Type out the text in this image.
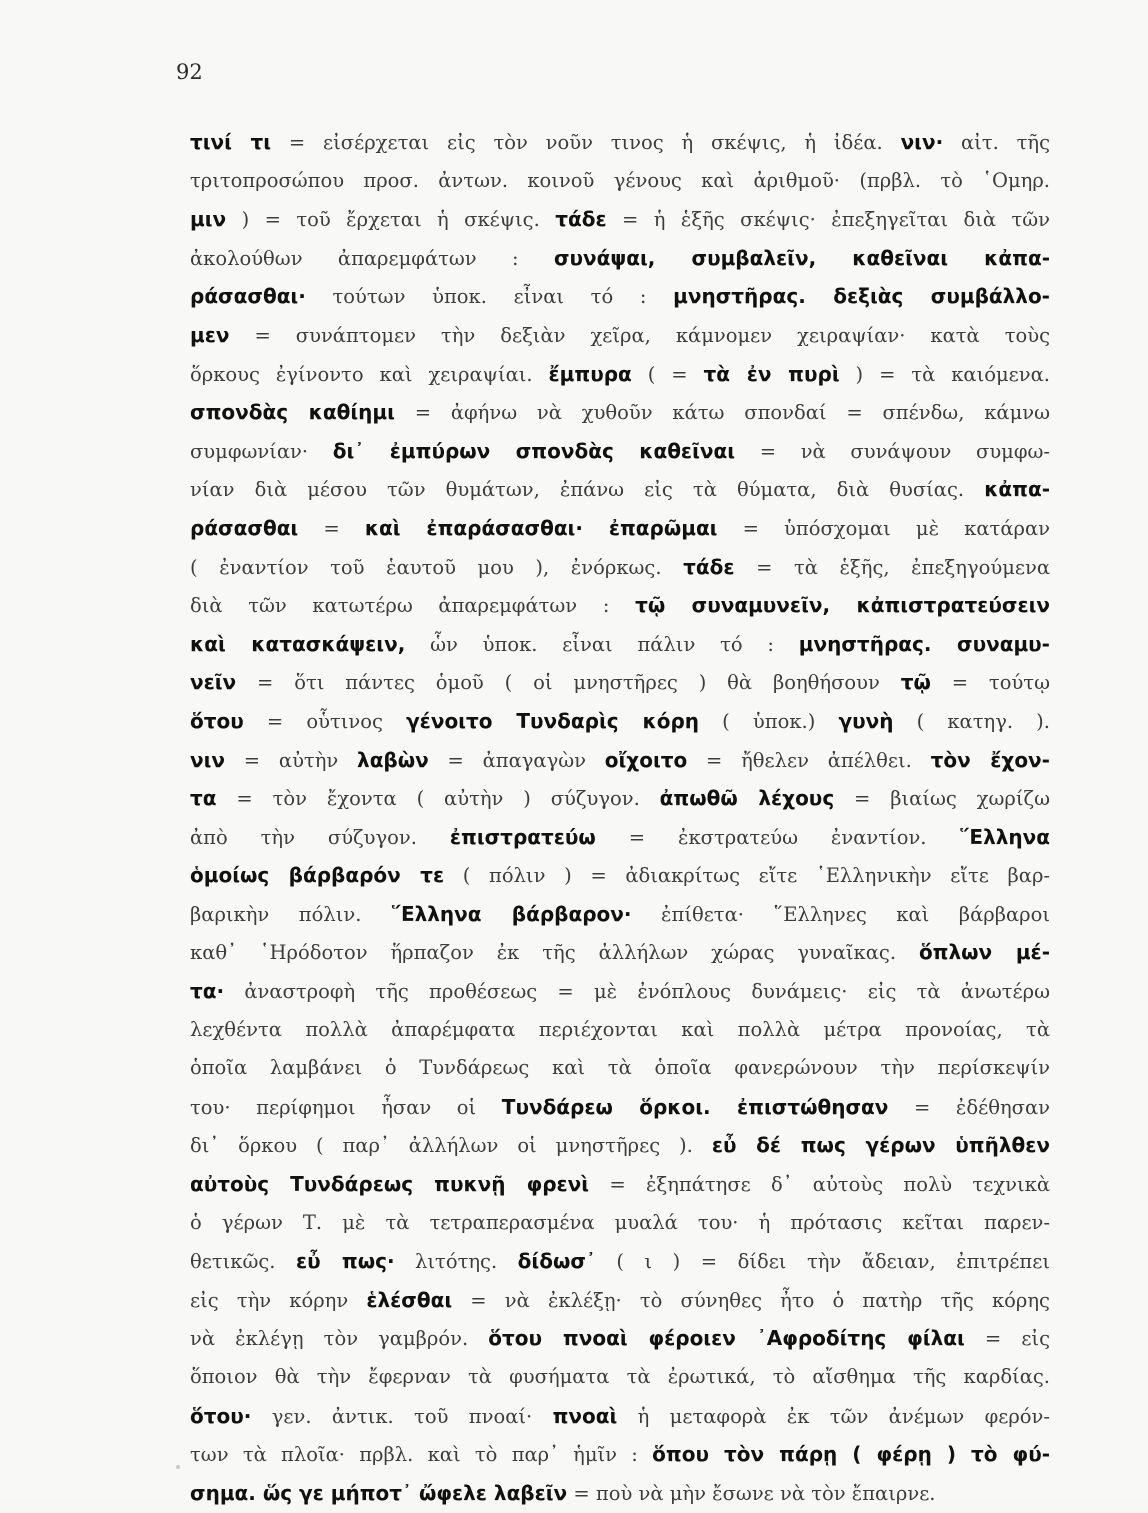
92
τινί τι = εἰσέρχεται εἰς τὸν νοῦν τινος ἡ σκέψις, ἡ ἰδέα. νιν· αἰτ. τῆς
τριτοπροσώπου προσ. ἀντων. κοινοῦ γένους καὶ ἀριθμοῦ· (πρβλ. τὸ ῾Ομηρ.
μιν ) = τοῦ ἔρχεται ἡ σκέψις. τάδε = ἡ ἑξῆς σκέψις· ἐπεξηγεῖται διὰ τῶν
ἀκολούθων ἀπαρεμφάτων : συνάψαι, συμβαλεῖν, καθεῖναι κἀπα-
ράσασθαι· τούτων ὑποκ. εἶναι τό : μνηστῆρας. δεξιὰς συμβάλλο-
μεν = συνάπτομεν τὴν δεξιὰν χεῖρα, κάμνομεν χειραψίαν· κατὰ τοὺς
ὅρκους ἐγίνοντο καὶ χειραψίαι. ἔμπυρα ( = τὰ ἐν πυρὶ ) = τὰ καιόμενα.
σπονδὰς καθίημι = ἀφήνω νὰ χυθοῦν κάτω σπονδαί = σπένδω, κάμνω
συμφωνίαν· δι᾿ ἐμπύρων σπονδὰς καθεῖναι = νὰ συνάψουν συμφω-
νίαν διὰ μέσου τῶν θυμάτων, ἐπάνω εἰς τὰ θύματα, διὰ θυσίας. κἀπα-
ράσασθαι = καὶ ἐπαράσασθαι· ἐπαρῶμαι = ὑπόσχομαι μὲ κατάραν
( ἐναντίον τοῦ ἑαυτοῦ μου ), ἐνόρκως. τάδε = τὰ ἑξῆς, ἐπεξηγούμενα
διὰ τῶν κατωτέρω ἀπαρεμφάτων : τῷ συναμυνεῖν, κἀπιστρατεύσειν
καὶ κατασκάψειν, ὧν ὑποκ. εἶναι πάλιν τό : μνηστῆρας. συναμυ-
νεῖν = ὅτι πάντες ὁμοῦ ( οἱ μνηστῆρες ) θὰ βοηθήσουν τῷ = τούτῳ
ὅτου = οὗτινος γένοιτο Τυνδαρὶς κόρη ( ὑποκ.) γυνὴ ( κατηγ. ).
νιν = αὐτὴν λαβὼν = ἀπαγαγὼν οἴχοιτο = ἤθελεν ἀπέλθει. τὸν ἔχον-
τα = τὸν ἔχοντα ( αὐτὴν ) σύζυγον. ἀπωθῶ λέχους = βιαίως χωρίζω
ἀπὸ τὴν σύζυγον. ἐπιστρατεύω = ἐκστρατεύω ἐναντίον. ῞Ελληνα
ὁμοίως βάρβαρόν τε ( πόλιν ) = ἀδιακρίτως εἴτε ῾Ελληνικὴν εἴτε βαρ-
βαρικὴν πόλιν. ῞Ελληνα βάρβαρον· ἐπίθετα· ῞Ελληνες καὶ βάρβαροι
καθ᾿ ῾Ηρόδοτον ἥρπαζον ἐκ τῆς ἀλλήλων χώρας γυναῖκας. ὅπλων μέ-
τα· ἀναστροφὴ τῆς προθέσεως = μὲ ἐνόπλους δυνάμεις· εἰς τὰ ἀνωτέρω
λεχθέντα πολλὰ ἀπαρέμφατα περιέχονται καὶ πολλὰ μέτρα προνοίας, τὰ
ὁποῖα λαμβάνει ὁ Τυνδάρεως καὶ τὰ ὁποῖα φανερώνουν τὴν περίσκεψίν
του· περίφημοι ἦσαν οἱ Τυνδάρεω ὅρκοι. ἐπιστώθησαν = ἐδέθησαν
δι᾿ ὅρκου ( παρ᾿ ἀλλήλων οἱ μνηστῆρες ). εὖ δέ πως γέρων ὑπῆλθεν
αὐτοὺς Τυνδάρεως πυκνῇ φρενὶ = ἐξηπάτησε δ᾿ αὐτοὺς πολὺ τεχνικὰ
ὁ γέρων Τ. μὲ τὰ τετραπερασμένα μυαλά του· ἡ πρότασις κεῖται παρεν-
θετικῶς. εὖ πως· λιτότης. δίδωσ᾿ ( ι ) = δίδει τὴν ἄδειαν, ἐπιτρέπει
εἰς τὴν κόρην ἑλέσθαι = νὰ ἐκλέξῃ· τὸ σύνηθες ἦτο ὁ πατὴρ τῆς κόρης
νὰ ἐκλέγῃ τὸν γαμβρόν. ὅτου πνοαὶ φέροιεν ᾿Αφροδίτης φίλαι = εἰς
ὅποιον θὰ τὴν ἔφερναν τὰ φυσήματα τὰ ἐρωτικά, τὸ αἴσθημα τῆς καρδίας.
ὅτου· γεν. ἀντικ. τοῦ πνοαί· πνοαὶ ἡ μεταφορὰ ἐκ τῶν ἀνέμων φερόν-
των τὰ πλοῖα· πρβλ. καὶ τὸ παρ᾿ ἡμῖν : ὅπου τὸν πάρῃ ( φέρῃ ) τὸ φύ-
σημα. ὥς γε μήποτ᾿ ὤφελε λαβεῖν = ποὺ νὰ μὴν ἔσωνε νὰ τὸν ἔπαιρνε.
